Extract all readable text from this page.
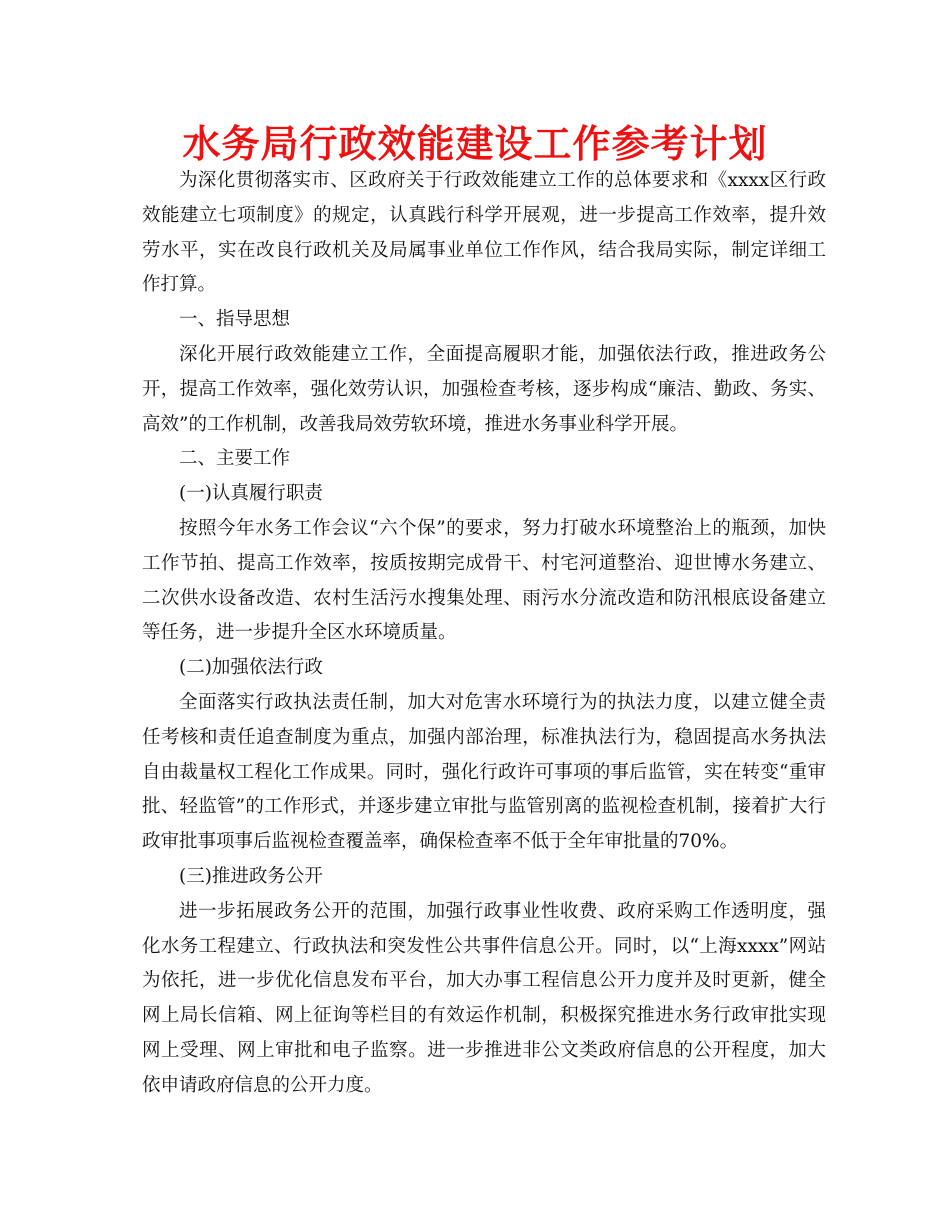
水务局行政效能建设工作参考计划

为深化贯彻落实市、区政府关于行政效能建立工作的总体要求和《xxxx区行政效能建立七项制度》的规定，认真践行科学开展观，进一步提高工作效率，提升效劳水平，实在改良行政机关及局属事业单位工作作风，结合我局实际，制定详细工作打算。

一、指导思想

深化开展行政效能建立工作，全面提高履职才能，加强依法行政，推进政务公开，提高工作效率，强化效劳认识，加强检查考核，逐步构成“廉洁、勤政、务实、高效”的工作机制，改善我局效劳软环境，推进水务事业科学开展。

二、主要工作

(一)认真履行职责

按照今年水务工作会议“六个保”的要求，努力打破水环境整治上的瓶颈，加快工作节拍、提高工作效率，按质按期完成骨干、村宅河道整治、迎世博水务建立、二次供水设备改造、农村生活污水搜集处理、雨污水分流改造和防汛根底设备建立等任务，进一步提升全区水环境质量。

(二)加强依法行政

全面落实行政执法责任制，加大对危害水环境行为的执法力度，以建立健全责任考核和责任追查制度为重点，加强内部治理，标准执法行为，稳固提高水务执法自由裁量权工程化工作成果。同时，强化行政许可事项的事后监管，实在转变“重审批、轻监管”的工作形式，并逐步建立审批与监管别离的监视检查机制，接着扩大行政审批事项事后监视检查覆盖率，确保检查率不低于全年审批量的70%。

(三)推进政务公开

进一步拓展政务公开的范围，加强行政事业性收费、政府采购工作透明度，强化水务工程建立、行政执法和突发性公共事件信息公开。同时，以“上海xxxx”网站为依托，进一步优化信息发布平台，加大办事工程信息公开力度并及时更新，健全网上局长信箱、网上征询等栏目的有效运作机制，积极探究推进水务行政审批实现网上受理、网上审批和电子监察。进一步推进非公文类政府信息的公开程度，加大依申请政府信息的公开力度。
